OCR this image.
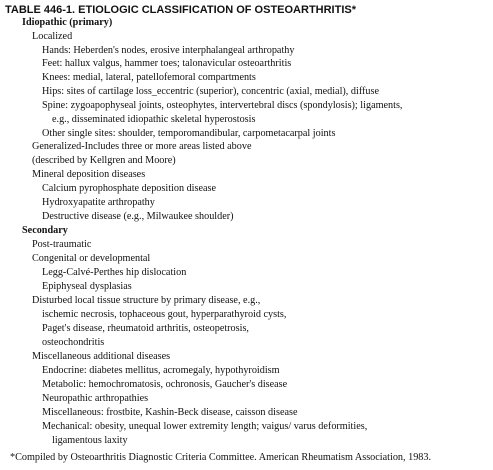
TABLE 446-1. ETIOLOGIC CLASSIFICATION OF OSTEOARTHRITIS*
Idiopathic (primary)
Localized
Hands: Heberden's nodes, erosive interphalangeal arthropathy
Feet: hallux valgus, hammer toes; talonavicular osteoarthritis
Knees: medial, lateral, patellofemoral compartments
Hips: sites of cartilage loss_eccentric (superior), concentric (axial, medial), diffuse
Spine: zygoapophyseal joints, osteophytes, intervertebral discs (spondylosis); ligaments,
e.g., disseminated idiopathic skeletal hyperostosis
Other single sites: shoulder, temporomandibular, carpometacarpal joints
Generalized-Includes three or more areas listed above
(described by Kellgren and Moore)
Mineral deposition diseases
Calcium pyrophosphate deposition disease
Hydroxyapatite arthropathy
Destructive disease (e.g., Milwaukee shoulder)
Secondary
Post-traumatic
Congenital or developmental
Legg-Calvé-Perthes hip dislocation
Epiphyseal dysplasias
Disturbed local tissue structure by primary disease, e.g.,
ischemic necrosis, tophaceous gout, hyperparathyroid cysts,
Paget's disease, rheumatoid arthritis, osteopetrosis,
osteochondritis
Miscellaneous additional diseases
Endocrine: diabetes mellitus, acromegaly, hypothyroidism
Metabolic: hemochromatosis, ochronosis, Gaucher's disease
Neuropathic arthropathies
Miscellaneous: frostbite, Kashin-Beck disease, caisson disease
Mechanical: obesity, unequal lower extremity length; vaigus/ varus deformities,
ligamentous laxity
*Compiled by Osteoarthritis Diagnostic Criteria Committee. American Rheumatism Association, 1983.
